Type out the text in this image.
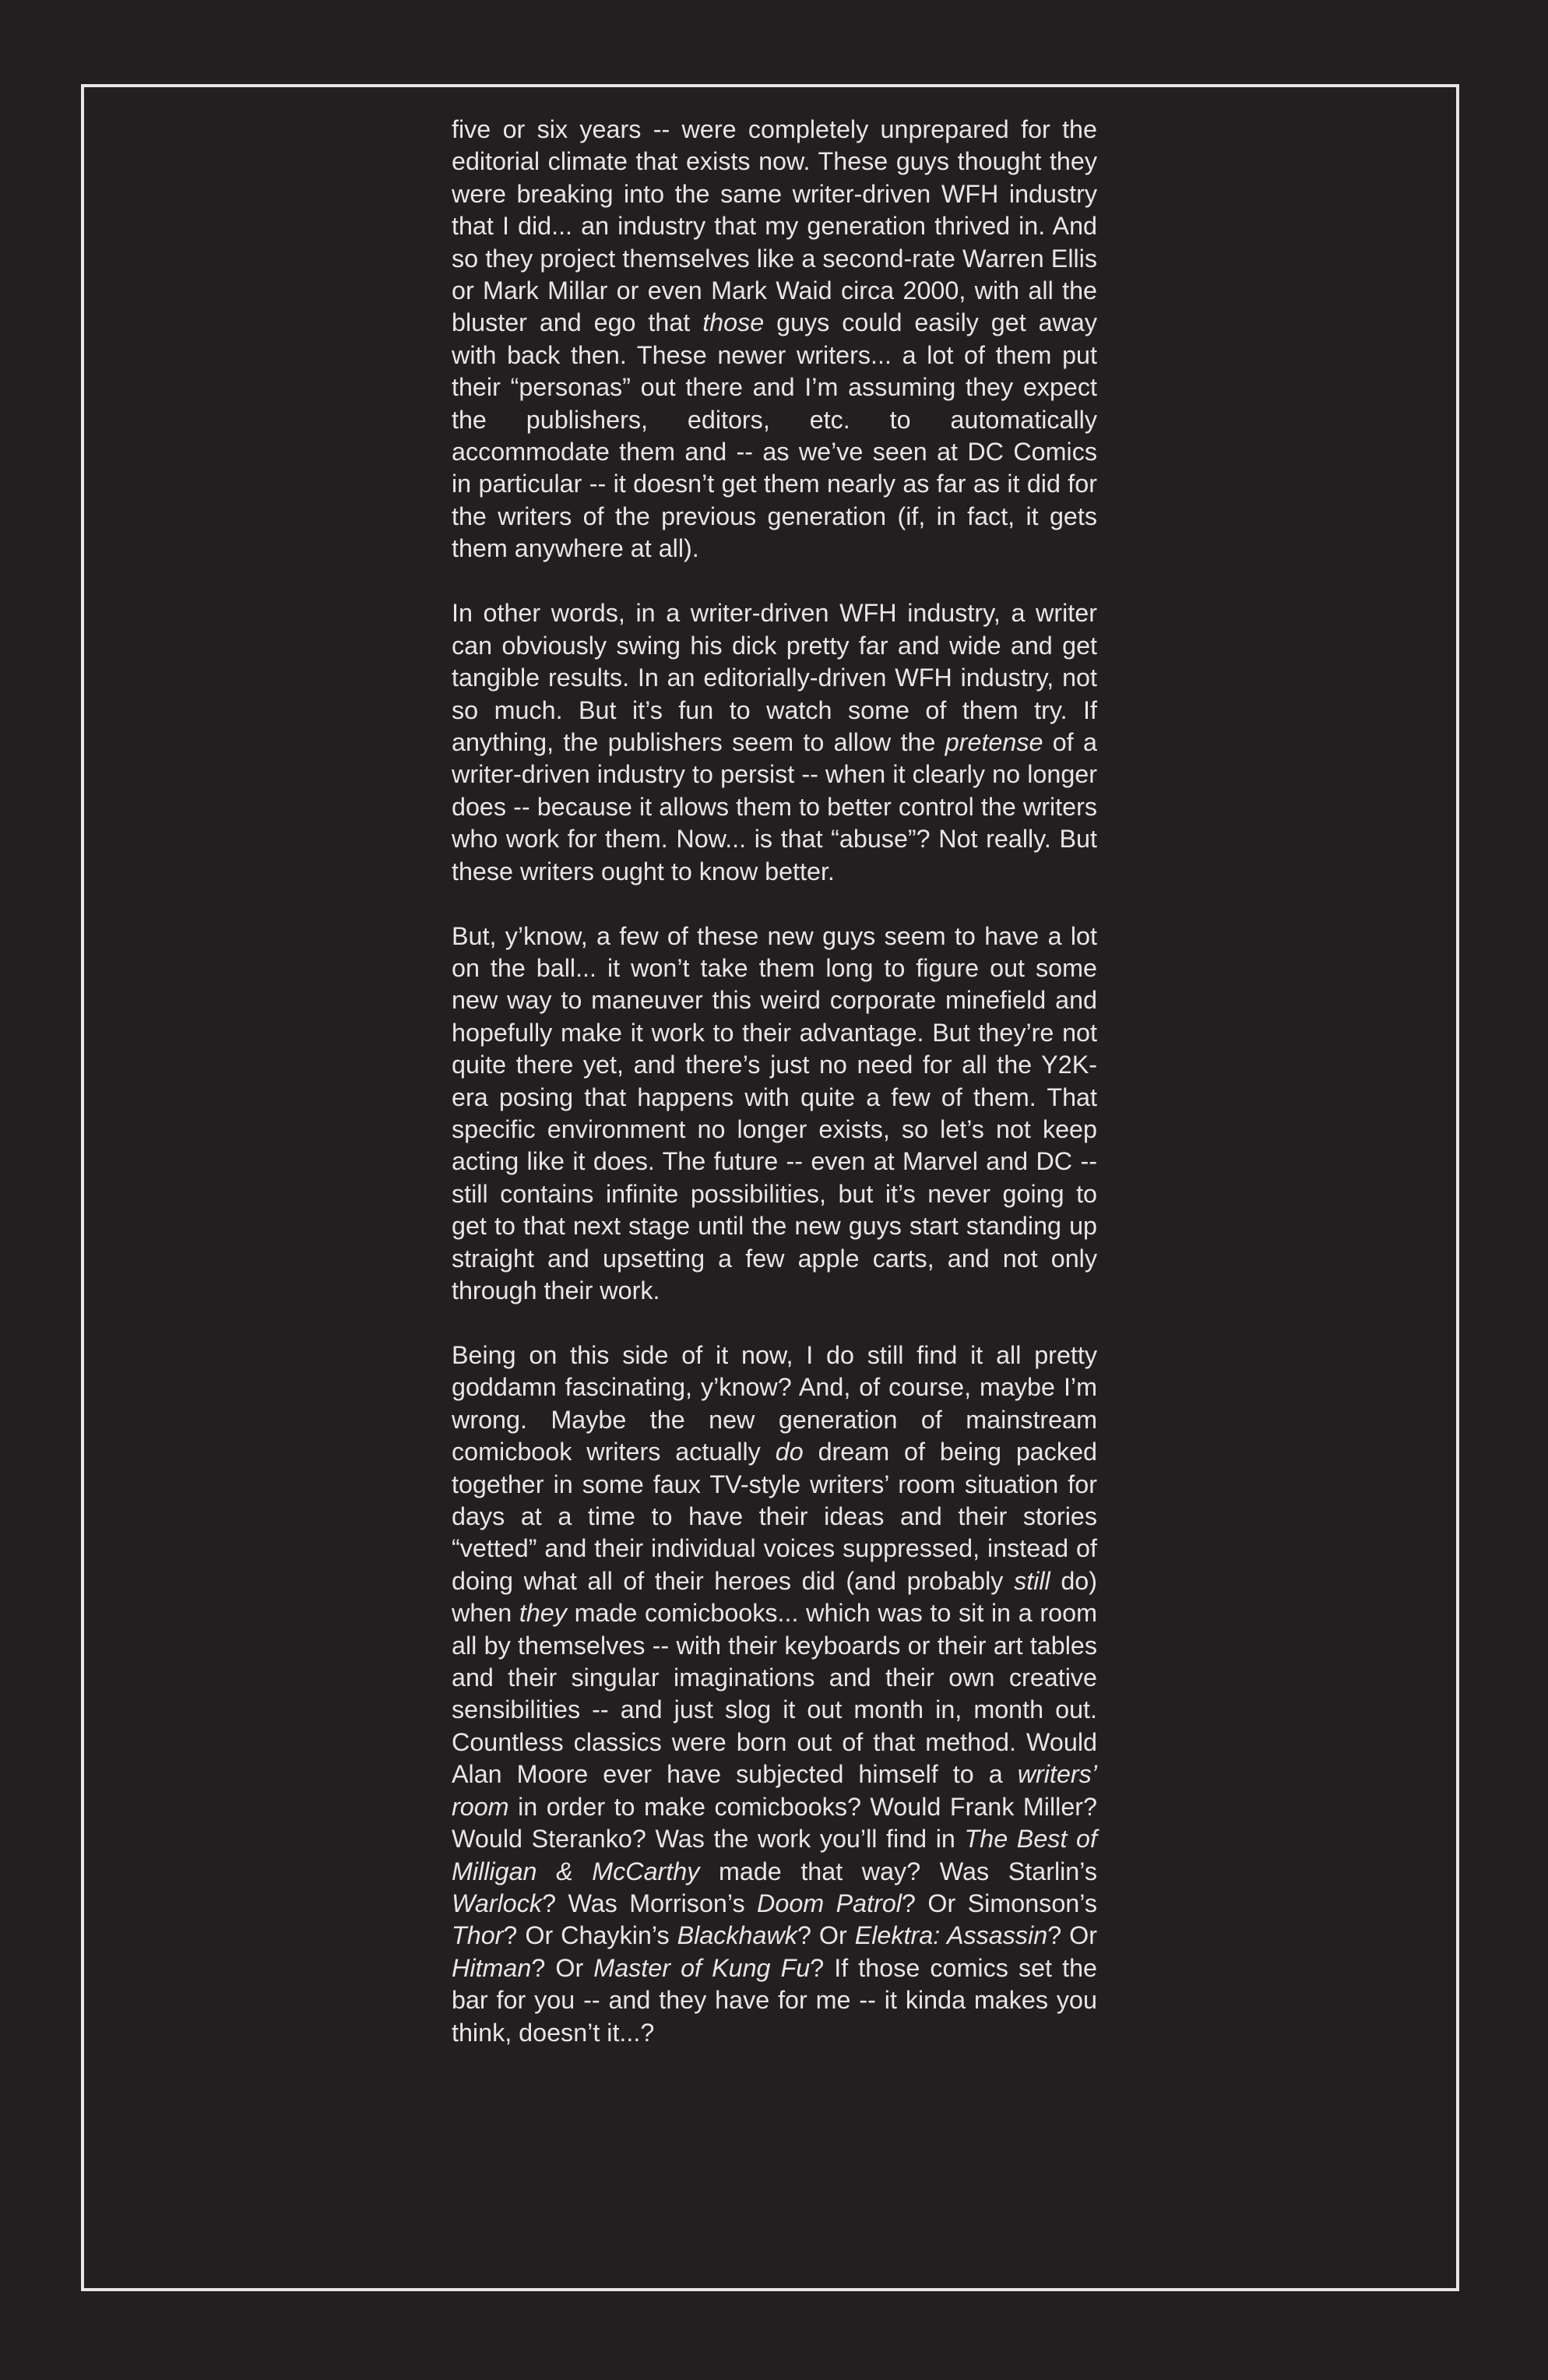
five or six years -- were completely unprepared for the editorial climate that exists now. These guys thought they were breaking into the same writer-driven WFH industry that I did... an industry that my generation thrived in. And so they project themselves like a second-rate Warren Ellis or Mark Millar or even Mark Waid circa 2000, with all the bluster and ego that those guys could easily get away with back then. These newer writers... a lot of them put their “personas” out there and I’m assuming they expect the publishers, editors, etc. to automatically accommodate them and -- as we’ve seen at DC Comics in particular -- it doesn’t get them nearly as far as it did for the writers of the previous generation (if, in fact, it gets them anywhere at all).

In other words, in a writer-driven WFH industry, a writer can obviously swing his dick pretty far and wide and get tangible results. In an editorially-driven WFH industry, not so much. But it’s fun to watch some of them try. If anything, the publishers seem to allow the pretense of a writer-driven industry to persist -- when it clearly no longer does -- because it allows them to better control the writers who work for them. Now... is that “abuse”? Not really. But these writers ought to know better.

But, y’know, a few of these new guys seem to have a lot on the ball... it won’t take them long to figure out some new way to maneuver this weird corporate minefield and hopefully make it work to their advantage. But they’re not quite there yet, and there’s just no need for all the Y2K-era posing that happens with quite a few of them. That specific environment no longer exists, so let’s not keep acting like it does. The future -- even at Marvel and DC -- still contains infinite possibilities, but it’s never going to get to that next stage until the new guys start standing up straight and upsetting a few apple carts, and not only through their work.

Being on this side of it now, I do still find it all pretty goddamn fascinating, y’know? And, of course, maybe I’m wrong. Maybe the new generation of mainstream comicbook writers actually do dream of being packed together in some faux TV-style writers’ room situation for days at a time to have their ideas and their stories “vetted” and their individual voices suppressed, instead of doing what all of their heroes did (and probably still do) when they made comicbooks... which was to sit in a room all by themselves -- with their keyboards or their art tables and their singular imaginations and their own creative sensibilities -- and just slog it out month in, month out. Countless classics were born out of that method. Would Alan Moore ever have subjected himself to a writers’ room in order to make comicbooks? Would Frank Miller? Would Steranko? Was the work you’ll find in The Best of Milligan & McCarthy made that way? Was Starlin’s Warlock? Was Morrison’s Doom Patrol? Or Simonson’s Thor? Or Chaykin’s Blackhawk? Or Elektra: Assassin? Or Hitman? Or Master of Kung Fu? If those comics set the bar for you -- and they have for me -- it kinda makes you think, doesn’t it...?
